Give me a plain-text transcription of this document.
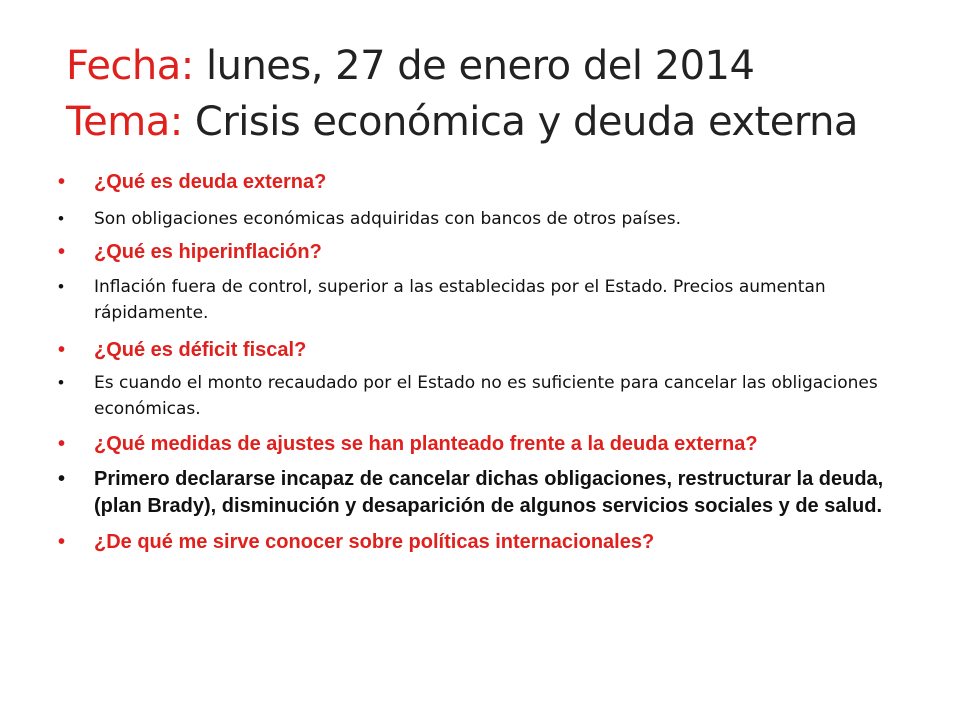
Fecha: lunes, 27 de enero del 2014
Tema: Crisis económica y deuda externa
• ¿Qué es deuda externa?
• Son obligaciones económicas adquiridas con bancos de otros países.
• ¿Qué es hiperinflación?
• Inflación fuera de control, superior a las establecidas por el Estado. Precios aumentan rápidamente.
• ¿Qué es déficit fiscal?
• Es cuando el monto recaudado por el Estado no es suficiente para cancelar las obligaciones económicas.
• ¿Qué medidas de ajustes se han planteado frente a la deuda externa?
• Primero declararse incapaz de cancelar dichas obligaciones, restructurar la deuda, (plan Brady), disminución y desaparición de algunos servicios sociales y de salud.
• ¿De qué me sirve conocer sobre políticas internacionales?
